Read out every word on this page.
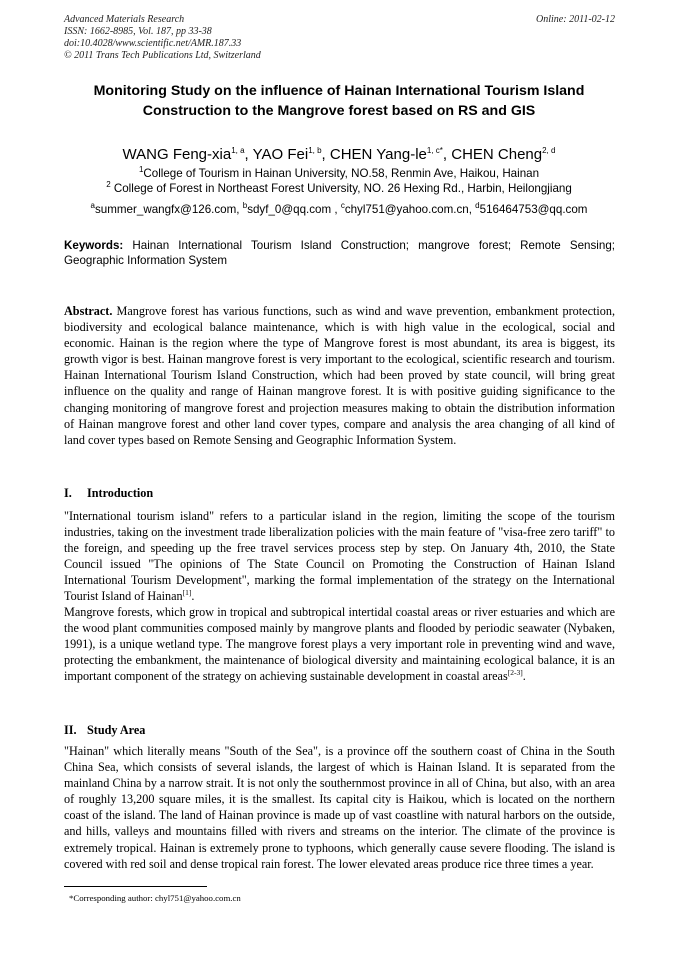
Advanced Materials Research
ISSN: 1662-8985, Vol. 187, pp 33-38
doi:10.4028/www.scientific.net/AMR.187.33
© 2011 Trans Tech Publications Ltd, Switzerland
Online: 2011-02-12
Monitoring Study on the influence of Hainan International Tourism Island
Construction to the Mangrove forest based on RS and GIS
WANG Feng-xia$^{1, a}$, YAO Fei$^{1, b}$, CHEN Yang-$le^{1, c*}$, CHEN Cheng$^{2, d}$
$^1$College of Tourism in Hainan University, NO.58, Renmin Ave, Haikou, Hainan
$^2$ College of Forest in Northeast Forest University, NO. 26 Hexing Rd., Harbin, Heilongjiang
$^a$summer_wangfx@126.com, $^b$sdyf_0@qq.com , $^c$chyl751@yahoo.com.cn, $^d$516464753@qq.com
Keywords: Hainan International Tourism Island Construction; mangrove forest; Remote Sensing; Geographic Information System
Abstract. Mangrove forest has various functions, such as wind and wave prevention, embankment protection, biodiversity and ecological balance maintenance, which is with high value in the ecological, social and economic. Hainan is the region where the type of Mangrove forest is most abundant, its area is biggest, its growth vigor is best. Hainan mangrove forest is very important to the ecological, scientific research and tourism. Hainan International Tourism Island Construction, which had been proved by state council, will bring great influence on the quality and range of Hainan mangrove forest. It is with positive guiding significance to the changing monitoring of mangrove forest and projection measures making to obtain the distribution information of Hainan mangrove forest and other land cover types, compare and analysis the area changing of all kind of land cover types based on Remote Sensing and Geographic Information System.
I. Introduction
"International tourism island" refers to a particular island in the region, limiting the scope of the tourism industries, taking on the investment trade liberalization policies with the main feature of "visa-free zero tariff" to the foreign, and speeding up the free travel services process step by step. On January 4th, 2010, the State Council issued "The opinions of The State Council on Promoting the Construction of Hainan Island International Tourism Development", marking the formal implementation of the strategy on the International Tourist Island of Hainan[1].
Mangrove forests, which grow in tropical and subtropical intertidal coastal areas or river estuaries and which are the wood plant communities composed mainly by mangrove plants and flooded by periodic seawater (Nybaken, 1991), is a unique wetland type. The mangrove forest plays a very important role in preventing wind and wave, protecting the embankment, the maintenance of biological diversity and maintaining ecological balance, it is an important component of the strategy on achieving sustainable development in coastal areas[2-3].
II. Study Area
"Hainan" which literally means "South of the Sea", is a province off the southern coast of China in the South China Sea, which consists of several islands, the largest of which is Hainan Island. It is separated from the mainland China by a narrow strait. It is not only the southernmost province in all of China, but also, with an area of roughly 13,200 square miles, it is the smallest. Its capital city is Haikou, which is located on the northern coast of the island. The land of Hainan province is made up of vast coastline with natural harbors on the outside, and hills, valleys and mountains filled with rivers and streams on the interior. The climate of the province is extremely tropical. Hainan is extremely prone to typhoons, which generally cause severe flooding. The island is covered with red soil and dense tropical rain forest. The lower elevated areas produce rice three times a year.
*Corresponding author: chyl751@yahoo.com.cn
